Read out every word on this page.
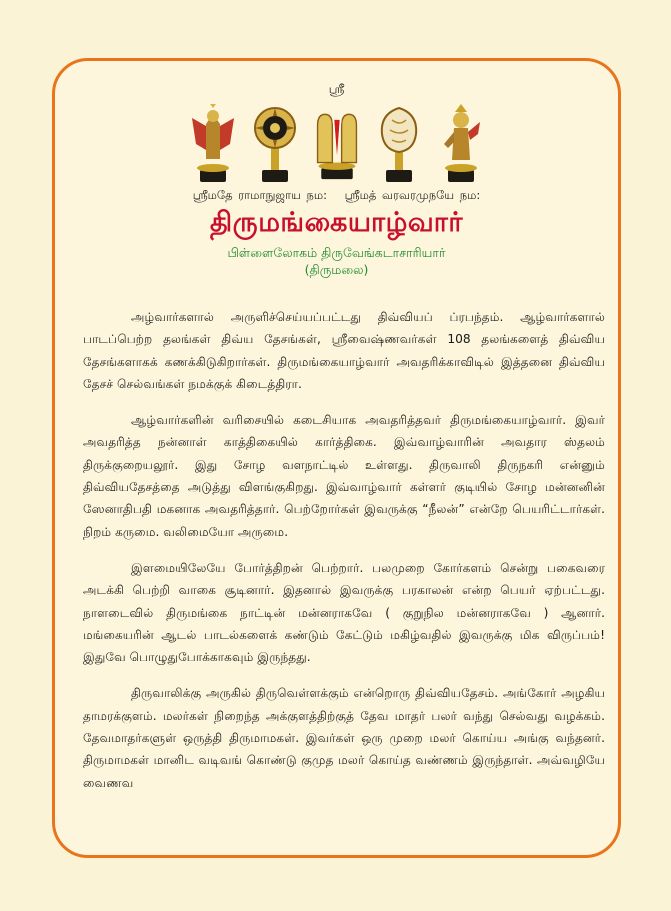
ஸ்ரீ
ஸ்ரீமதே ராமாநுஜாய நம: ஸ்ரீமத் வரவரமுநயே நம:
திருமங்கையாழ்வார்
பிள்ளைலோகம் திருவேங்கடாசாரியார்
(திருமலை)

அழ்வார்களால் அருளிச்செய்யப்பட்டது திவ்வியப் ப்ரபந்தம். ஆழ்வார்களால் பாடப்பெற்ற தலங்கள் திவ்ய தேசங்கள், ஸ்ரீவைஷ்ணவர்கள் 108 தலங்களைத் திவ்விய தேசங்களாகக் கணக்கிடுகிறார்கள். திருமங்கையாழ்வார் அவதரிக்காவிடில் இத்தனை திவ்விய தேசச் செல்வங்கள் நமக்குக் கிடைத்திரா.

ஆழ்வார்களின் வரிசையில் கடைசியாக அவதரித்தவர் திருமங்கையாழ்வார். இவர் அவதரித்த நன்னாள் காத்திகையில் கார்த்திகை. இவ்வாழ்வாரின் அவதார ஸ்தலம் திருக்குறையலூர். இது சோழ வளநாட்டில் உள்ளது. திருவாலி திருநகரி என்னும் திவ்வியதேசத்தை அடுத்து விளங்குகிறது. இவ்வாழ்வார் கள்ளர் குடியில் சோழ மன்னனின் ஸேனாதிபதி மகனாக அவதரித்தார். பெற்றோர்கள் இவருக்கு “நீலன்” என்றே பெயரிட்டார்கள். நிறம் கருமை. வலிமையோ அருமை.

இளமையிலேயே போர்த்திறன் பெற்றார். பலமுறை கோர்களம் சென்று பகைவரை அடக்கி பெற்றி வாகை சூடினார். இதனால் இவருக்கு பரகாலன் என்ற பெயர் ஏற்பட்டது. நாளடைவில் திருமங்கை நாட்டின் மன்னராகவே ( குறுநில மன்னராகவே ) ஆனார். மங்கையரின் ஆடல் பாடல்களைக் கண்டும் கேட்டும் மகிழ்வதில் இவருக்கு மிக விருப்பம்! இதுவே பொழுதுபோக்காகவும் இருந்தது.

திருவாலிக்கு அருகில் திருவெள்ளக்கும் என்றொரு திவ்வியதேசம். அங்கோர் அழகிய தாமரக்குளம். மலர்கள் நிறைந்த அக்குளத்திற்குத் தேவ மாதர் பலர் வந்து செல்வது வழக்கம். தேவமாதர்களுள் ஒருத்தி திருமாமகள். இவர்கள் ஒரு முறை மலர் கொய்ய அங்கு வந்தனர். திருமாமகள் மானிட வடிவங் கொண்டு குமுத மலர் கொய்த வண்ணம் இருந்தாள். அவ்வழியே வைணவ
